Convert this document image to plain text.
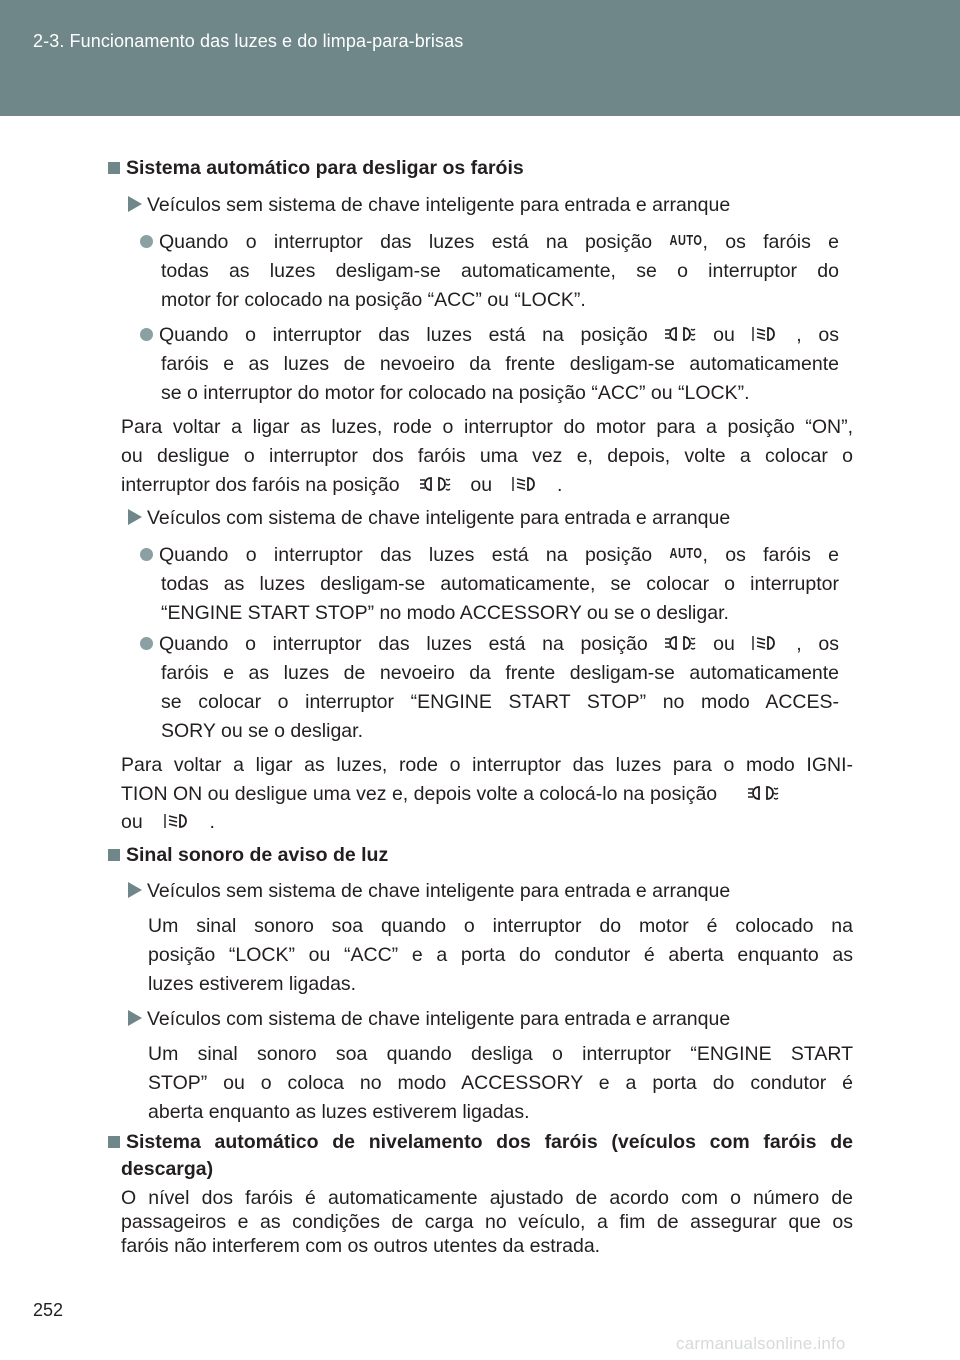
2-3. Funcionamento das luzes e do limpa-para-brisas
Sistema automático para desligar os faróis
Veículos sem sistema de chave inteligente para entrada e arranque
Quando o interruptor das luzes está na posição AUTO, os faróis e
todas as luzes desligam-se automaticamente, se o interruptor do
motor for colocado na posição “ACC” ou “LOCK”.
Quando o interruptor das luzes está na posição	ou	, os
faróis e as luzes de nevoeiro da frente desligam-se automaticamente
se o interruptor do motor for colocado na posição “ACC” ou “LOCK”.
Para voltar a ligar as luzes, rode o interruptor do motor para a posição “ON”,
ou desligue o interruptor dos faróis uma vez e, depois, volte a colocar o
interruptor dos faróis na posição	ou	.
Veículos com sistema de chave inteligente para entrada e arranque
Quando o interruptor das luzes está na posição AUTO, os faróis e
todas as luzes desligam-se automaticamente, se colocar o interruptor
“ENGINE START STOP” no modo ACCESSORY ou se o desligar.
Quando o interruptor das luzes está na posição	ou	, os
faróis e as luzes de nevoeiro da frente desligam-se automaticamente
se colocar o interruptor “ENGINE START STOP” no modo ACCES-
SORY ou se o desligar.
Para voltar a ligar as luzes, rode o interruptor das luzes para o modo IGNI-
TION ON ou desligue uma vez e, depois volte a colocá-lo na posição
ou	.
Sinal sonoro de aviso de luz
Veículos sem sistema de chave inteligente para entrada e arranque
Um sinal sonoro soa quando o interruptor do motor é colocado na
posição “LOCK” ou “ACC” e a porta do condutor é aberta enquanto as
luzes estiverem ligadas.
Veículos com sistema de chave inteligente para entrada e arranque
Um sinal sonoro soa quando desliga o interruptor “ENGINE START
STOP” ou o coloca no modo ACCESSORY e a porta do condutor é
aberta enquanto as luzes estiverem ligadas.
Sistema automático de nivelamento dos faróis (veículos com faróis de
descarga)
O nível dos faróis é automaticamente ajustado de acordo com o número de
passageiros e as condições de carga no veículo, a fim de assegurar que os
faróis não interferem com os outros utentes da estrada.
252
carmanualsonline.info
